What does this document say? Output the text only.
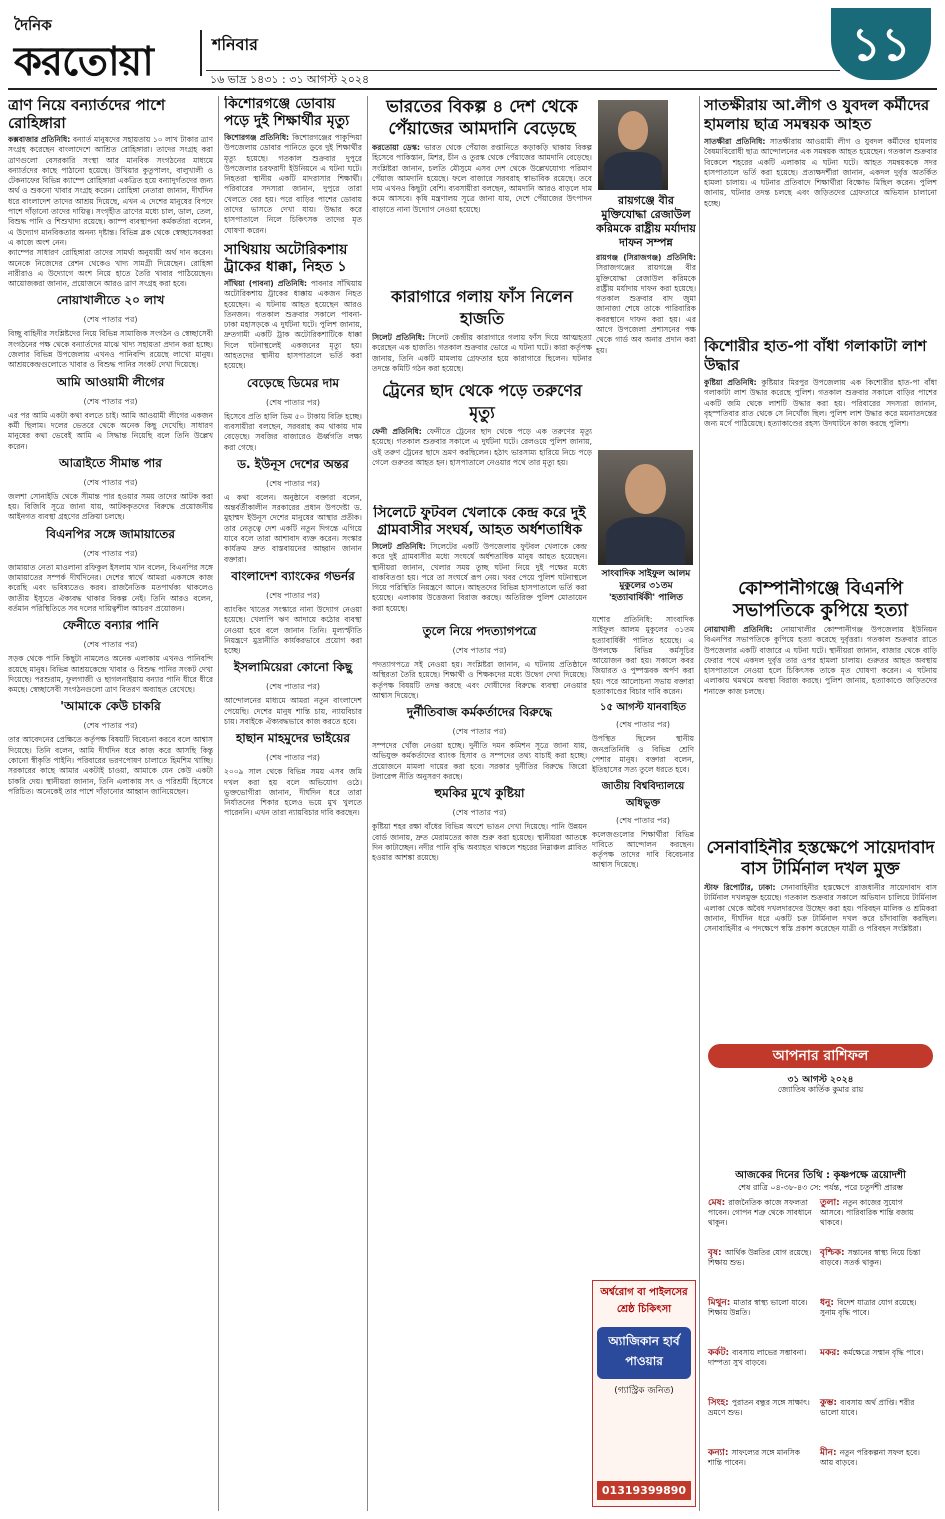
দৈনিক
করতোয়া	শনিবার
১৬ ভাদ্র ১৪৩১ : ৩১ আগস্ট ২০২৪
১১
ত্রাণ নিয়ে বন্যার্তদের পাশে রোহিঙ্গারা

কক্সবাজার প্রতিনিধি: বন্যার্ত মানুষদের সহায়তায় ১০ লাখ টাকার ত্রাণ সংগ্রহ করেছেন বাংলাদেশে আশ্রিত রোহিঙ্গারা। তাদের সংগ্রহ করা ত্রাণগুলো বেসরকারি সংস্থা আর মানবিক সংগঠনের মাধ্যমে বন্যার্তদের কাছে পাঠানো হয়েছে। উখিয়ার কুতুপালং, বালুখালী ও টেকনাফের বিভিন্ন ক্যাম্পে রোহিঙ্গারা একত্রিত হয়ে বন্যাদুর্গতদের জন্য অর্থ ও শুকনো খাবার সংগ্রহ করেন। রোহিঙ্গা নেতারা জানান, দীর্ঘদিন ধরে বাংলাদেশ তাদের আশ্রয় দিয়েছে, এখন এ দেশের মানুষের বিপদে পাশে দাঁড়ানো তাদের দায়িত্ব। সংগৃহীত ত্রাণের মধ্যে চাল, ডাল, তেল, বিশুদ্ধ পানি ও শিশুখাদ্য রয়েছে। ক্যাম্প ব্যবস্থাপনা কর্মকর্তারা বলেন, এ উদ্যোগ মানবিকতার অনন্য দৃষ্টান্ত। বিভিন্ন ব্লক থেকে স্বেচ্ছাসেবকরা এ কাজে অংশ নেন।

ক্যাম্পের সাধারণ রোহিঙ্গারা তাদের সামর্থ্য অনুযায়ী অর্থ দান করেন। অনেকে নিজেদের রেশন থেকেও খাদ্য সামগ্রী দিয়েছেন। রোহিঙ্গা নারীরাও এ উদ্যোগে অংশ নিয়ে হাতে তৈরি খাবার পাঠিয়েছেন। আয়োজকরা জানান, প্রয়োজনে আরও ত্রাণ সংগ্রহ করা হবে।

নোয়াখালীতে ২০ লাখ
(শেষ পাতার পর)

বিচ্ছু বাহিনীর সংশ্লিষ্টদের নিয়ে বিভিন্ন সামাজিক সংগঠন ও স্বেচ্ছাসেবী সংগঠনের পক্ষ থেকে বন্যার্তদের মাঝে খাদ্য সহায়তা প্রদান করা হচ্ছে। জেলার বিভিন্ন উপজেলায় এখনও পানিবন্দি রয়েছে লাখো মানুষ। আশ্রয়কেন্দ্রগুলোতে খাবার ও বিশুদ্ধ পানির সংকট দেখা দিয়েছে।

আমি আওয়ামী লীগের
(শেষ পাতার পর)

এর পর আমি একটা কথা বলতে চাই। আমি আওয়ামী লীগের একজন কর্মী ছিলাম। দলের ভেতরে থেকে অনেক কিছু দেখেছি। সাধারণ মানুষের কথা ভেবেই আমি এ সিদ্ধান্ত নিয়েছি বলে তিনি উল্লেখ করেন।

আত্রাইতে সীমান্ত পার
(শেষ পাতার পর)

জলশা সোনাইডি থেকে সীমান্ত পার হওয়ার সময় তাদের আটক করা হয়। বিজিবি সূত্রে জানা যায়, আটককৃতদের বিরুদ্ধে প্রয়োজনীয় আইনগত ব্যবস্থা গ্রহণের প্রক্রিয়া চলছে।

বিএনপির সঙ্গে জামায়াতের
(শেষ পাতার পর)

জামায়াত নেতা মাওলানা রফিকুল ইসলাম খান বলেন, বিএনপির সঙ্গে জামায়াতের সম্পর্ক দীর্ঘদিনের। দেশের স্বার্থে আমরা একসঙ্গে কাজ করেছি এবং ভবিষ্যতেও করব। রাজনৈতিক মতপার্থক্য থাকলেও জাতীয় ইস্যুতে ঐক্যবদ্ধ থাকার বিকল্প নেই। তিনি আরও বলেন, বর্তমান পরিস্থিতিতে সব দলের দায়িত্বশীল আচরণ প্রয়োজন।

ফেনীতে বন্যার পানি
(শেষ পাতার পর)

সড়ক থেকে পানি কিছুটা নামলেও অনেক এলাকায় এখনও পানিবন্দি রয়েছে মানুষ। বিভিন্ন আশ্রয়কেন্দ্রে খাবার ও বিশুদ্ধ পানির সংকট দেখা দিয়েছে। পরশুরাম, ফুলগাজী ও ছাগলনাইয়ায় বন্যার পানি ধীরে ধীরে কমছে। স্বেচ্ছাসেবী সংগঠনগুলো ত্রাণ বিতরণ অব্যাহত রেখেছে।

'আমাকে কেউ চাকরি
(শেষ পাতার পর)

তার আবেদনের প্রেক্ষিতে কর্তৃপক্ষ বিষয়টি বিবেচনা করবে বলে আশ্বাস দিয়েছে। তিনি বলেন, আমি দীর্ঘদিন ধরে কাজ করে আসছি কিন্তু কোনো স্বীকৃতি পাইনি। পরিবারের ভরণপোষণ চালাতে হিমশিম খাচ্ছি। সরকারের কাছে আমার একটাই চাওয়া, আমাকে যেন কেউ একটা চাকরি দেয়। স্থানীয়রা জানান, তিনি এলাকায় সৎ ও পরিশ্রমী হিসেবে পরিচিত। অনেকেই তার পাশে দাঁড়ানোর আহ্বান জানিয়েছেন।

কিশোরগঞ্জে ডোবায় পড়ে দুই শিক্ষার্থীর মৃত্যু

কিশোরগঞ্জ প্রতিনিধি: কিশোরগঞ্জের পাকুন্দিয়া উপজেলায় ডোবার পানিতে ডুবে দুই শিক্ষার্থীর মৃত্যু হয়েছে। গতকাল শুক্রবার দুপুরে উপজেলার চরফরাদী ইউনিয়নে এ ঘটনা ঘটে। নিহতরা স্থানীয় একটি মাদরাসার শিক্ষার্থী। পরিবারের সদস্যরা জানান, দুপুরে তারা খেলতে বের হয়। পরে বাড়ির পাশের ডোবায় তাদের ভাসতে দেখা যায়। উদ্ধার করে হাসপাতালে নিলে চিকিৎসক তাদের মৃত ঘোষণা করেন।

সাথিয়ায় অটোরিকশায় ট্রাকের ধাক্কা, নিহত ১

সাঁথিয়া (পাবনা) প্রতিনিধি: পাবনার সাঁথিয়ায় অটোরিকশায় ট্রাকের ধাক্কায় একজন নিহত হয়েছেন। এ ঘটনায় আহত হয়েছেন আরও তিনজন। গতকাল শুক্রবার সকালে পাবনা-ঢাকা মহাসড়কে এ দুর্ঘটনা ঘটে। পুলিশ জানায়, দ্রুতগামী একটি ট্রাক অটোরিকশাটিকে ধাক্কা দিলে ঘটনাস্থলেই একজনের মৃত্যু হয়। আহতদের স্থানীয় হাসপাতালে ভর্তি করা হয়েছে।

বেড়েছে ডিমের দাম
(শেষ পাতার পর)

হিসেবে প্রতি হালি ডিম ৫০ টাকায় বিক্রি হচ্ছে। ব্যবসায়ীরা বলছেন, সরবরাহ কম থাকায় দাম বেড়েছে। সবজির বাজারেও ঊর্ধ্বগতি লক্ষ্য করা গেছে।

ড. ইউনূস দেশের অন্তর
(শেষ পাতার পর)

এ কথা বলেন। অনুষ্ঠানে বক্তারা বলেন, অন্তর্বর্তীকালীন সরকারের প্রধান উপদেষ্টা ড. মুহাম্মদ ইউনূস দেশের মানুষের আস্থার প্রতীক। তার নেতৃত্বে দেশ একটি নতুন দিগন্তে এগিয়ে যাবে বলে তারা আশাবাদ ব্যক্ত করেন। সংস্কার কার্যক্রম দ্রুত বাস্তবায়নের আহ্বান জানান বক্তারা।

বাংলাদেশ ব্যাংকের গভর্নর
(শেষ পাতার পর)

ব্যাংকিং খাতের সংস্কারে নানা উদ্যোগ নেওয়া হয়েছে। খেলাপি ঋণ আদায়ে কঠোর ব্যবস্থা নেওয়া হবে বলে জানান তিনি। মূল্যস্ফীতি নিয়ন্ত্রণে মুদ্রানীতি কার্যকরভাবে প্রয়োগ করা হচ্ছে।

ইসলামিয়েরা কোনো কিছু
(শেষ পাতার পর)

আন্দোলনের মাধ্যমে আমরা নতুন বাংলাদেশ পেয়েছি। দেশের মানুষ শান্তি চায়, ন্যায়বিচার চায়। সবাইকে ঐক্যবদ্ধভাবে কাজ করতে হবে।

হাছান মাহমুদের ভাইয়ের
(শেষ পাতার পর)

২০০৯ সাল থেকে বিভিন্ন সময় এসব জমি দখল করা হয় বলে অভিযোগ ওঠে। ভুক্তভোগীরা জানান, দীর্ঘদিন ধরে তারা নির্যাতনের শিকার হলেও ভয়ে মুখ খুলতে পারেননি। এখন তারা ন্যায়বিচার দাবি করছেন।

ভারতের বিকল্প ৪ দেশ থেকে পেঁয়াজের আমদানি বেড়েছে

করতোয়া ডেস্ক: ভারত থেকে পেঁয়াজ রপ্তানিতে কড়াকড়ি থাকায় বিকল্প হিসেবে পাকিস্তান, মিশর, চীন ও তুরস্ক থেকে পেঁয়াজের আমদানি বেড়েছে। সংশ্লিষ্টরা জানান, চলতি মৌসুমে এসব দেশ থেকে উল্লেখযোগ্য পরিমাণ পেঁয়াজ আমদানি হয়েছে। ফলে বাজারে সরবরাহ স্বাভাবিক রয়েছে। তবে দাম এখনও কিছুটা বেশি। ব্যবসায়ীরা বলছেন, আমদানি আরও বাড়লে দাম কমে আসবে। কৃষি মন্ত্রণালয় সূত্রে জানা যায়, দেশে পেঁয়াজের উৎপাদন বাড়াতে নানা উদ্যোগ নেওয়া হয়েছে।

কারাগারে গলায় ফাঁস নিলেন হাজতি

সিলেট প্রতিনিধি: সিলেট কেন্দ্রীয় কারাগারে গলায় ফাঁস দিয়ে আত্মহত্যা করেছেন এক হাজতি। গতকাল শুক্রবার ভোরে এ ঘটনা ঘটে। কারা কর্তৃপক্ষ জানায়, তিনি একটি মামলায় গ্রেফতার হয়ে কারাগারে ছিলেন। ঘটনার তদন্তে কমিটি গঠন করা হয়েছে।

ট্রেনের ছাদ থেকে পড়ে তরুণের মৃত্যু

ফেনী প্রতিনিধি: ফেনীতে ট্রেনের ছাদ থেকে পড়ে এক তরুণের মৃত্যু হয়েছে। গতকাল শুক্রবার সকালে এ দুর্ঘটনা ঘটে। রেলওয়ে পুলিশ জানায়, ওই তরুণ ট্রেনের ছাদে ভ্রমণ করছিলেন। হঠাৎ ভারসাম্য হারিয়ে নিচে পড়ে গেলে গুরুতর আহত হন। হাসপাতালে নেওয়ার পথে তার মৃত্যু হয়।

রায়গঞ্জে বীর মুক্তিযোদ্ধা রেজাউল করিমকে রাষ্ট্রীয় মর্যাদায় দাফন সম্পন্ন

রায়গঞ্জ (সিরাজগঞ্জ) প্রতিনিধি: সিরাজগঞ্জের রায়গঞ্জে বীর মুক্তিযোদ্ধা রেজাউল করিমকে রাষ্ট্রীয় মর্যাদায় দাফন করা হয়েছে। গতকাল শুক্রবার বাদ জুমা জানাজা শেষে তাকে পারিবারিক কবরস্থানে দাফন করা হয়। এর আগে উপজেলা প্রশাসনের পক্ষ থেকে গার্ড অব অনার প্রদান করা হয়।

সাংবাদিক সাইফুল আলম মুকুলের ৩১তম 'হত্যাবার্ষিকী' পালিত
সিলেটে ফুটবল খেলাকে কেন্দ্র করে দুই গ্রামবাসীর সংঘর্ষ, আহত অর্ধশতাধিক

সিলেট প্রতিনিধি: সিলেটের একটি উপজেলায় ফুটবল খেলাকে কেন্দ্র করে দুই গ্রামবাসীর মধ্যে সংঘর্ষে অর্ধশতাধিক মানুষ আহত হয়েছেন। স্থানীয়রা জানান, খেলার সময় তুচ্ছ ঘটনা নিয়ে দুই পক্ষের মধ্যে বাকবিতণ্ডা হয়। পরে তা সংঘর্ষে রূপ নেয়। খবর পেয়ে পুলিশ ঘটনাস্থলে গিয়ে পরিস্থিতি নিয়ন্ত্রণে আনে। আহতদের বিভিন্ন হাসপাতালে ভর্তি করা হয়েছে। এলাকায় উত্তেজনা বিরাজ করছে। অতিরিক্ত পুলিশ মোতায়েন করা হয়েছে।

তুলে নিয়ে পদত্যাগপত্রে
(শেষ পাতার পর)

পদত্যাগপত্রে সই নেওয়া হয়। সংশ্লিষ্টরা জানান, এ ঘটনায় প্রতিষ্ঠানে অস্থিরতা তৈরি হয়েছে। শিক্ষার্থী ও শিক্ষকদের মধ্যে উদ্বেগ দেখা দিয়েছে। কর্তৃপক্ষ বিষয়টি তদন্ত করছে এবং দোষীদের বিরুদ্ধে ব্যবস্থা নেওয়ার আশ্বাস দিয়েছে।

দুর্নীতিবাজ কর্মকর্তাদের বিরুদ্ধে
(শেষ পাতার পর)

সম্পদের খোঁজ নেওয়া হচ্ছে। দুর্নীতি দমন কমিশন সূত্রে জানা যায়, অভিযুক্ত কর্মকর্তাদের ব্যাংক হিসাব ও সম্পদের তথ্য যাচাই করা হচ্ছে। প্রয়োজনে মামলা দায়ের করা হবে। সরকার দুর্নীতির বিরুদ্ধে জিরো টলারেন্স নীতি অনুসরণ করছে।

হুমকির মুখে কুষ্টিয়া
(শেষ পাতার পর)

কুষ্টিয়া শহর রক্ষা বাঁধের বিভিন্ন অংশে ভাঙন দেখা দিয়েছে। পানি উন্নয়ন বোর্ড জানায়, দ্রুত মেরামতের কাজ শুরু করা হয়েছে। স্থানীয়রা আতঙ্কে দিন কাটাচ্ছেন। নদীর পানি বৃদ্ধি অব্যাহত থাকলে শহরের নিম্নাঞ্চল প্লাবিত হওয়ার আশঙ্কা রয়েছে।

যশোর প্রতিনিধি: সাংবাদিক সাইফুল আলম মুকুলের ৩১তম হত্যাবার্ষিকী পালিত হয়েছে। এ উপলক্ষে বিভিন্ন কর্মসূচির আয়োজন করা হয়। সকালে কবর জিয়ারত ও পুষ্পস্তবক অর্পণ করা হয়। পরে আলোচনা সভায় বক্তারা হত্যাকাণ্ডের বিচার দাবি করেন।

১৫ আগস্ট যানবাহিত
(শেষ পাতার পর)

উপস্থিত ছিলেন স্থানীয় জনপ্রতিনিধি ও বিভিন্ন শ্রেণি পেশার মানুষ। বক্তারা বলেন, ইতিহাসের সত্য তুলে ধরতে হবে।

জাতীয় বিশ্ববিদ্যালয়ে অধিভুক্ত
(শেষ পাতার পর)

কলেজগুলোর শিক্ষার্থীরা বিভিন্ন দাবিতে আন্দোলন করছেন। কর্তৃপক্ষ তাদের দাবি বিবেচনার আশ্বাস দিয়েছে।

অর্শ্বরোগ বা পাইলসের শ্রেষ্ঠ চিকিৎসা
অ্যাজিকান হার্ব পাওয়ার
(গ্যাস্ট্রিক জনিত)
01319399890
সাতক্ষীরায় আ.লীগ ও যুবদল কর্মীদের হামলায় ছাত্র সমন্বয়ক আহত

সাতক্ষীরা প্রতিনিধি: সাতক্ষীরায় আওয়ামী লীগ ও যুবদল কর্মীদের হামলায় বৈষম্যবিরোধী ছাত্র আন্দোলনের এক সমন্বয়ক আহত হয়েছেন। গতকাল শুক্রবার বিকেলে শহরের একটি এলাকায় এ ঘটনা ঘটে। আহত সমন্বয়ককে সদর হাসপাতালে ভর্তি করা হয়েছে। প্রত্যক্ষদর্শীরা জানান, একদল দুর্বৃত্ত অতর্কিত হামলা চালায়। এ ঘটনার প্রতিবাদে শিক্ষার্থীরা বিক্ষোভ মিছিল করেন। পুলিশ জানায়, ঘটনার তদন্ত চলছে এবং জড়িতদের গ্রেফতারে অভিযান চালানো হচ্ছে।

কিশোরীর হাত-পা বাঁধা গলাকাটা লাশ উদ্ধার

কুষ্টিয়া প্রতিনিধি: কুষ্টিয়ার মিরপুর উপজেলায় এক কিশোরীর হাত-পা বাঁধা গলাকাটা লাশ উদ্ধার করেছে পুলিশ। গতকাল শুক্রবার সকালে বাড়ির পাশের একটি জমি থেকে লাশটি উদ্ধার করা হয়। পরিবারের সদস্যরা জানান, বৃহস্পতিবার রাত থেকে সে নিখোঁজ ছিল। পুলিশ লাশ উদ্ধার করে ময়নাতদন্তের জন্য মর্গে পাঠিয়েছে। হত্যাকাণ্ডের রহস্য উদঘাটনে কাজ করছে পুলিশ।

কোম্পানীগঞ্জে বিএনপি সভাপতিকে কুপিয়ে হত্যা

নোয়াখালী প্রতিনিধি: নোয়াখালীর কোম্পানীগঞ্জ উপজেলায় ইউনিয়ন বিএনপির সভাপতিকে কুপিয়ে হত্যা করেছে দুর্বৃত্তরা। গতকাল শুক্রবার রাতে উপজেলার একটি বাজারে এ ঘটনা ঘটে। স্থানীয়রা জানান, বাজার থেকে বাড়ি ফেরার পথে একদল দুর্বৃত্ত তার ওপর হামলা চালায়। গুরুতর আহত অবস্থায় হাসপাতালে নেওয়া হলে চিকিৎসক তাকে মৃত ঘোষণা করেন। এ ঘটনায় এলাকায় থমথমে অবস্থা বিরাজ করছে। পুলিশ জানায়, হত্যাকাণ্ডে জড়িতদের শনাক্তে কাজ চলছে।

সেনাবাহিনীর হস্তক্ষেপে সায়েদাবাদ বাস টার্মিনাল দখল মুক্ত

স্টাফ রিপোর্টার, ঢাকা: সেনাবাহিনীর হস্তক্ষেপে রাজধানীর সায়েদাবাদ বাস টার্মিনাল দখলমুক্ত হয়েছে। গতকাল শুক্রবার সকালে অভিযান চালিয়ে টার্মিনাল এলাকা থেকে অবৈধ দখলদারদের উচ্ছেদ করা হয়। পরিবহন মালিক ও শ্রমিকরা জানান, দীর্ঘদিন ধরে একটি চক্র টার্মিনাল দখল করে চাঁদাবাজি করছিল। সেনাবাহিনীর এ পদক্ষেপে স্বস্তি প্রকাশ করেছেন যাত্রী ও পরিবহন সংশ্লিষ্টরা।

আপনার রাশিফল
৩১ আগস্ট ২০২৪
জ্যোতিষ কার্তিক কুমার রায়
আজকের দিনের তিথি : কৃষ্ণপক্ষে ত্রয়োদশী
শেষ রাত্রি ০৪-৩৮-৪৩ সে: পর্যন্ত, পরে চতুর্দশী প্রারম্ভ
মেষ: রাজনৈতিক কাজে সফলতা পাবেন। গোপন শত্রু থেকে সাবধানে থাকুন।
তুলা: নতুন কাজের সুযোগ আসবে। পারিবারিক শান্তি বজায় থাকবে।
বৃষ: আর্থিক উন্নতির যোগ রয়েছে। শিক্ষায় শুভ।
বৃশ্চিক: সন্তানের স্বাস্থ্য নিয়ে চিন্তা বাড়বে। সতর্ক থাকুন।
মিথুন: মাতার স্বাস্থ্য ভালো যাবে। শিক্ষায় উন্নতি।
ধনু: বিদেশ যাত্রার যোগ রয়েছে। সুনাম বৃদ্ধি পাবে।
কর্কট: ব্যবসায় লাভের সম্ভাবনা। দাম্পত্য সুখ বাড়বে।
মকর: কর্মক্ষেত্রে সম্মান বৃদ্ধি পাবে।
সিংহ: পুরাতন বন্ধুর সঙ্গে সাক্ষাৎ। ভ্রমণে শুভ।
কুম্ভ: ব্যবসায় অর্থ প্রাপ্তি। শরীর ভালো যাবে।
কন্যা: সাফল্যের সঙ্গে মানসিক শান্তি পাবেন।
মীন: নতুন পরিকল্পনা সফল হবে। আয় বাড়বে।
